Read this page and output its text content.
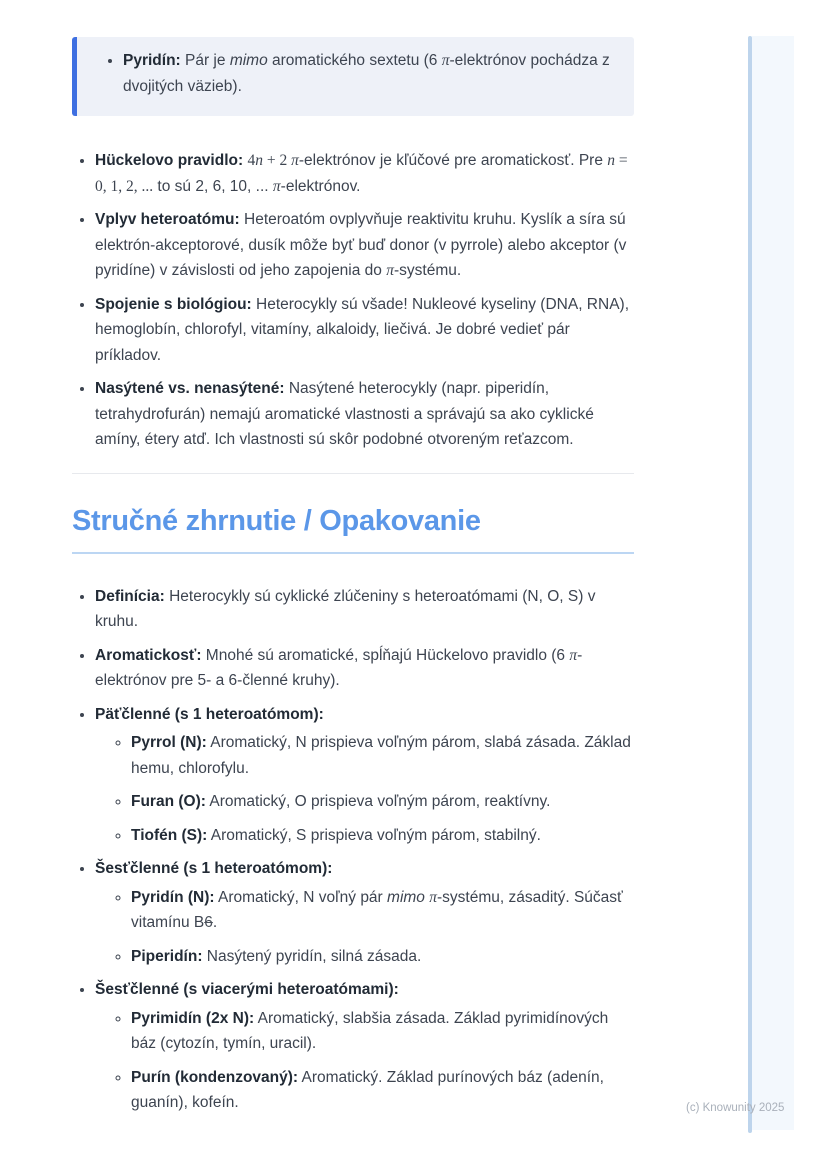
• Pyridín: Pár je mimo aromatického sextetu (6 π-elektrónov pochádza z dvojitých väzieb).
• Hückelovo pravidlo: 4n + 2 π-elektrónov je kľúčové pre aromatickosť. Pre n = 0, 1, 2, ... to sú 2, 6, 10, ... π-elektrónov.
• Vplyv heteroatómu: Heteroatóm ovplyvňuje reaktivitu kruhu. Kyslík a síra sú elektrón-akceptorové, dusík môže byť buď donor (v pyrrole) alebo akceptor (v pyridíne) v závislosti od jeho zapojenia do π-systému.
• Spojenie s biológiou: Heterocykly sú všade! Nukleové kyseliny (DNA, RNA), hemoglobín, chlorofyl, vitamíny, alkaloidy, liečivá. Je dobré vedieť pár príkladov.
• Nasýtené vs. nenasýtené: Nasýtené heterocykly (napr. piperidín, tetrahydrofurán) nemajú aromatické vlastnosti a správajú sa ako cyklické amíny, étery atď. Ich vlastnosti sú skôr podobné otvoreným reťazcom.
Stručné zhrnutie / Opakovanie
• Definícia: Heterocykly sú cyklické zlúčeniny s heteroatómami (N, O, S) v kruhu.
• Aromatickosť: Mnohé sú aromatické, spĺňajú Hückelovo pravidlo (6 π-elektrónov pre 5- a 6-členné kruhy).
• Päťčlenné (s 1 heteroatómom):
◦ Pyrrol (N): Aromatický, N prispieva voľným párom, slabá zásada. Základ hemu, chlorofylu.
◦ Furan (O): Aromatický, O prispieva voľným párom, reaktívny.
◦ Tiofén (S): Aromatický, S prispieva voľným párom, stabilný.
• Šesťčlenné (s 1 heteroatómom):
◦ Pyridín (N): Aromatický, N voľný pár mimo π-systému, zásaditý. Súčasť vitamínu B6.
◦ Piperidín: Nasýtený pyridín, silná zásada.
• Šesťčlenné (s viacerými heteroatómami):
◦ Pyrimidín (2x N): Aromatický, slabšia zásada. Základ pyrimidínových báz (cytozín, tymín, uracil).
◦ Purín (kondenzovaný): Aromatický. Základ purínových báz (adenín, guanín), kofeín.	(c) Knowunity 2025
